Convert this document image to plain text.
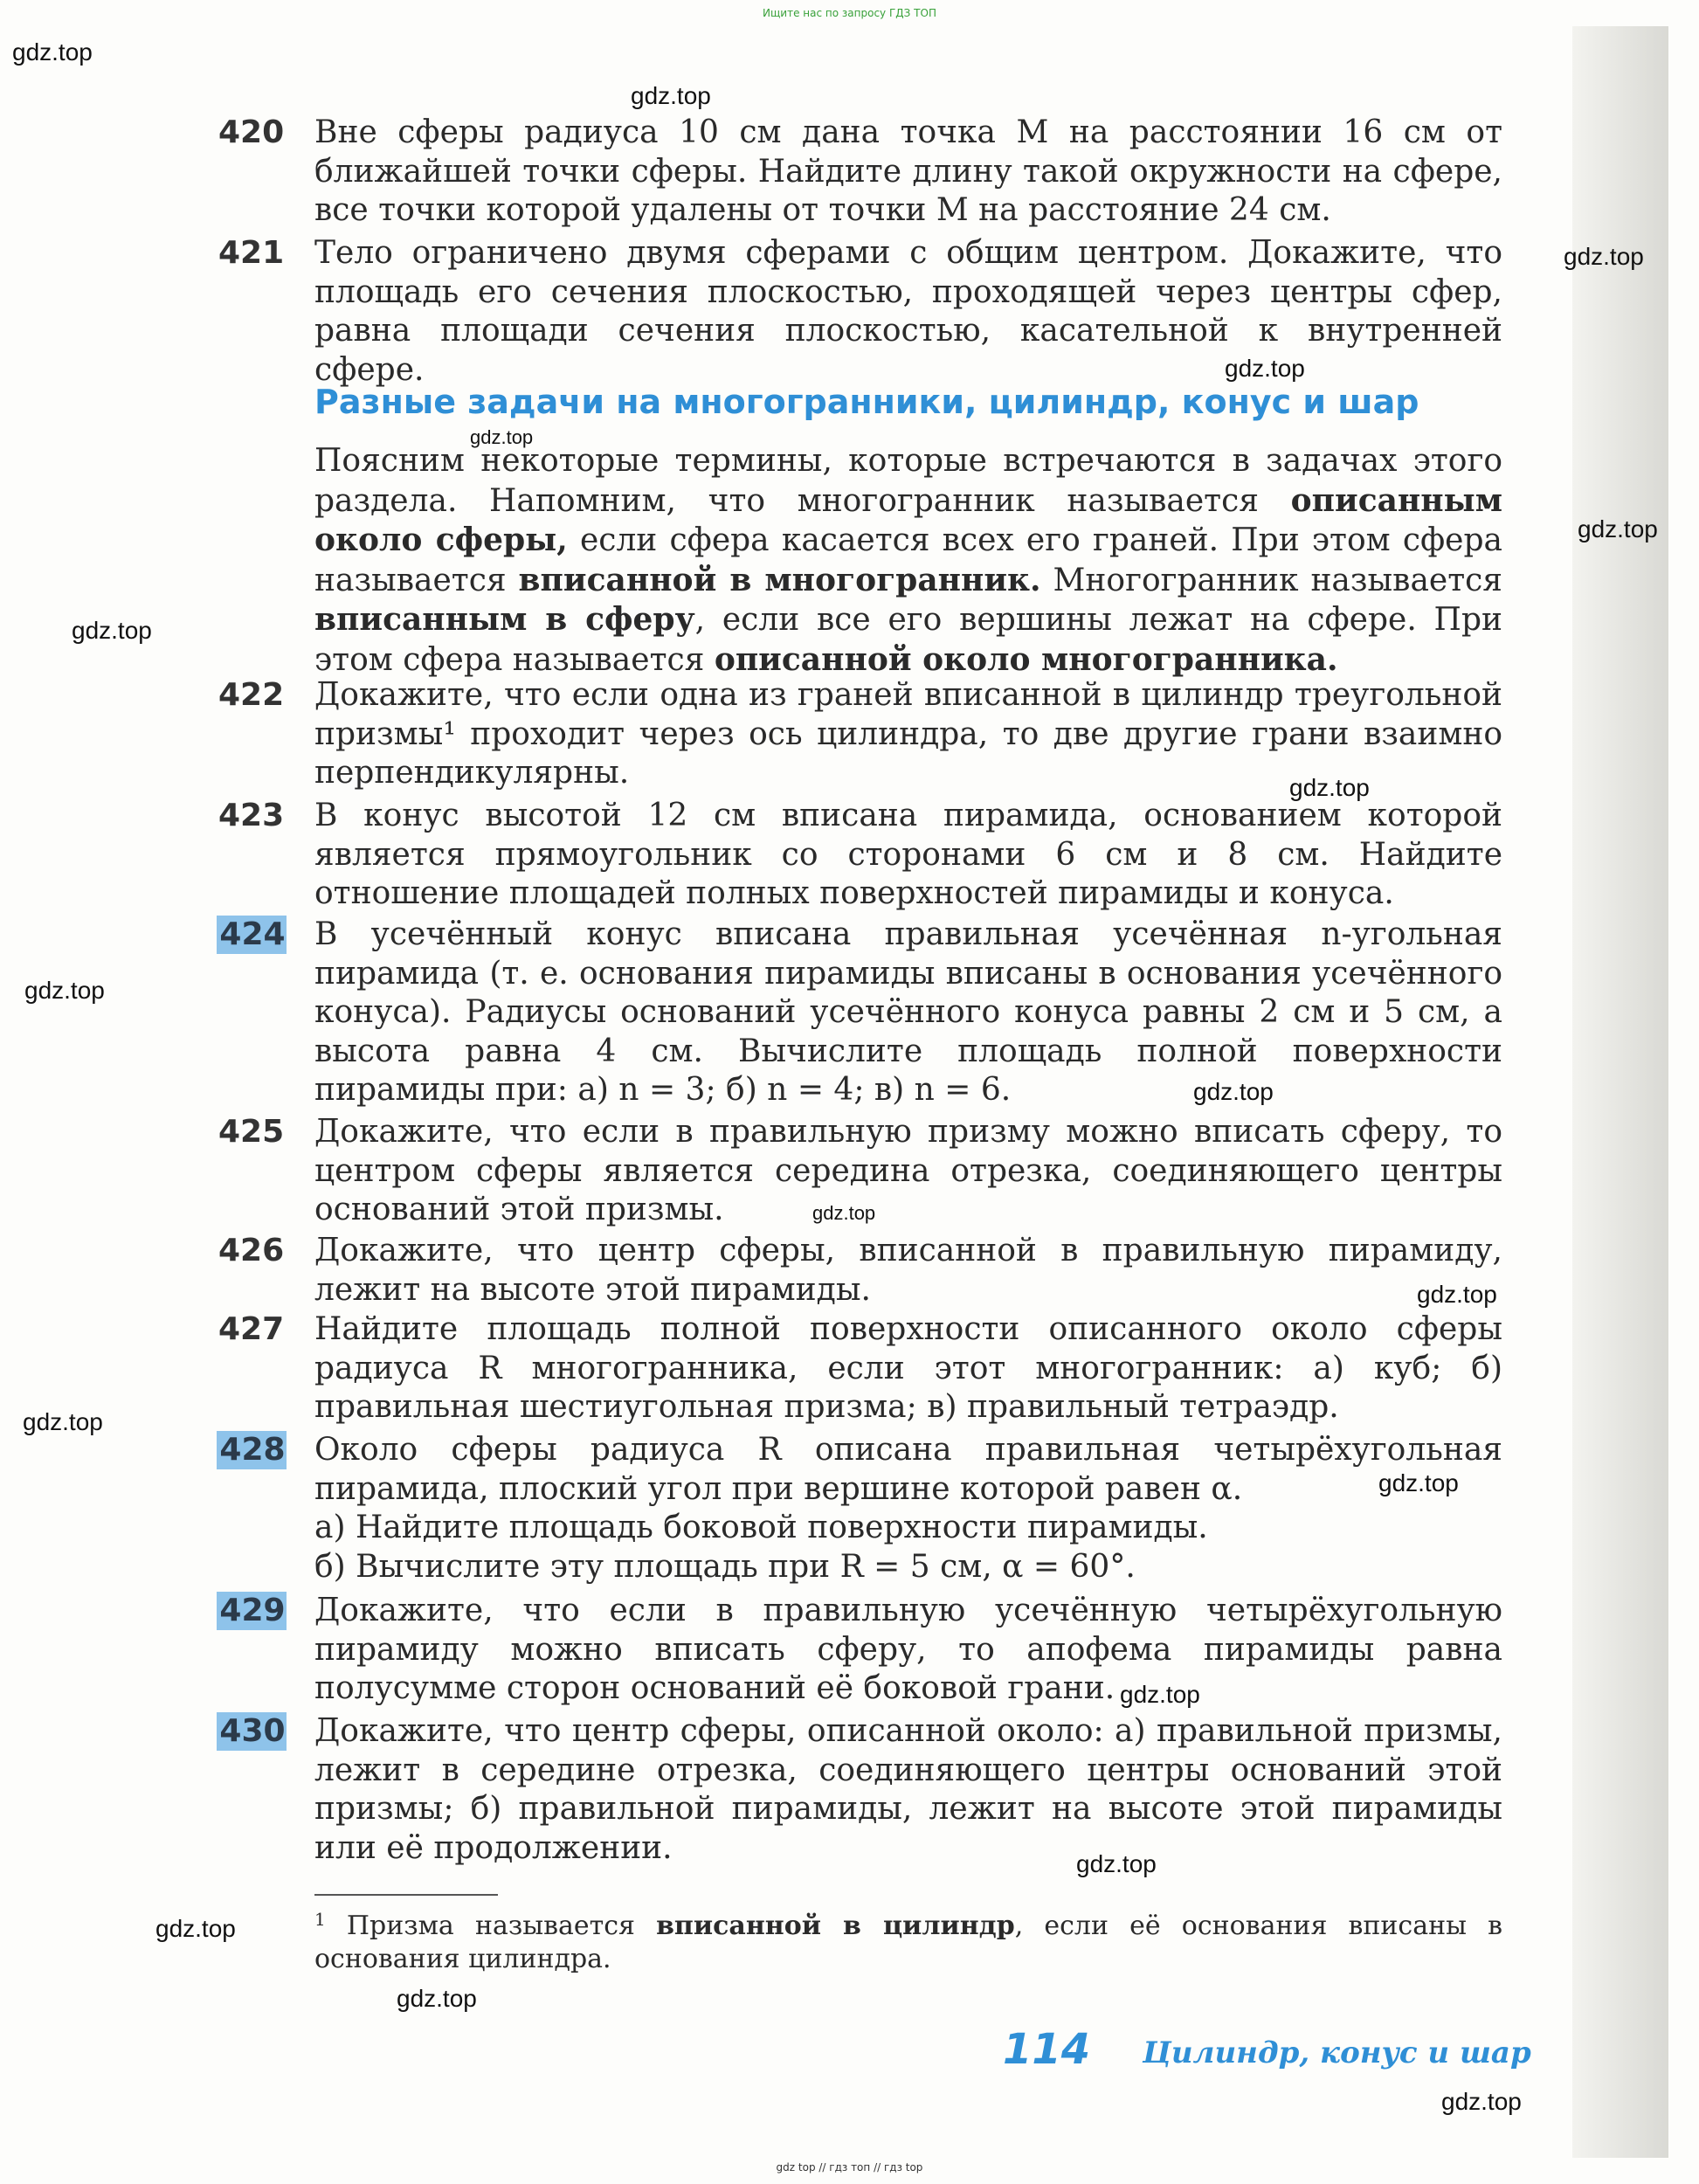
Ищите нас по запросу ГДЗ ТОП
gdz.top
gdz.top
gdz.top
gdz.top
gdz.top
gdz.top
gdz.top
gdz.top
gdz.top
gdz.top
gdz.top
gdz.top
gdz.top
gdz.top
gdz.top
gdz.top
gdz.top
gdz.top
gdz.top
420 Вне сферы радиуса 10 см дана точка M на расстоянии 16 см от ближайшей точки сферы. Найдите длину такой окружности на сфере, все точки которой удалены от точки M на расстояние 24 см.
421 Тело ограничено двумя сферами с общим центром. Докажите, что площадь его сечения плоскостью, проходящей через центры сфер, равна площади сечения плоскостью, касательной к внутренней сфере.
Разные задачи на многогранники, цилиндр, конус и шар
Поясним некоторые термины, которые встречаются в задачах этого раздела. Напомним, что многогранник называется описанным около сферы, если сфера касается всех его граней. При этом сфера называется вписанной в многогранник. Многогранник называется вписанным в сферу, если все его вершины лежат на сфере. При этом сфера называется описанной около многогранника.
422 Докажите, что если одна из граней вписанной в цилиндр треугольной призмы¹ проходит через ось цилиндра, то две другие грани взаимно перпендикулярны.
423 В конус высотой 12 см вписана пирамида, основанием которой является прямоугольник со сторонами 6 см и 8 см. Найдите отношение площадей полных поверхностей пирамиды и конуса.
424 В усечённый конус вписана правильная усечённая n-угольная пирамида (т. е. основания пирамиды вписаны в основания усечённого конуса). Радиусы оснований усечённого конуса равны 2 см и 5 см, а высота равна 4 см. Вычислите площадь полной поверхности пирамиды при: а) n = 3; б) n = 4; в) n = 6.
425 Докажите, что если в правильную призму можно вписать сферу, то центром сферы является середина отрезка, соединяющего центры оснований этой призмы.
426 Докажите, что центр сферы, вписанной в правильную пирамиду, лежит на высоте этой пирамиды.
427 Найдите площадь полной поверхности описанного около сферы радиуса R многогранника, если этот многогранник: а) куб; б) правильная шестиугольная призма; в) правильный тетраэдр.
428 Около сферы радиуса R описана правильная четырёхугольная пирамида, плоский угол при вершине которой равен α.
а) Найдите площадь боковой поверхности пирамиды.
б) Вычислите эту площадь при R = 5 см, α = 60°.
429 Докажите, что если в правильную усечённую четырёхугольную пирамиду можно вписать сферу, то апофема пирамиды равна полусумме сторон оснований её боковой грани.
430 Докажите, что центр сферы, описанной около: а) правильной призмы, лежит в середине отрезка, соединяющего центры оснований этой призмы; б) правильной пирамиды, лежит на высоте этой пирамиды или её продолжении.
$^1$ Призма называется вписанной в цилиндр, если её основания вписаны в основания цилиндра.
114 Цилиндр, конус и шар
gdz top // гдз топ // гдз top
